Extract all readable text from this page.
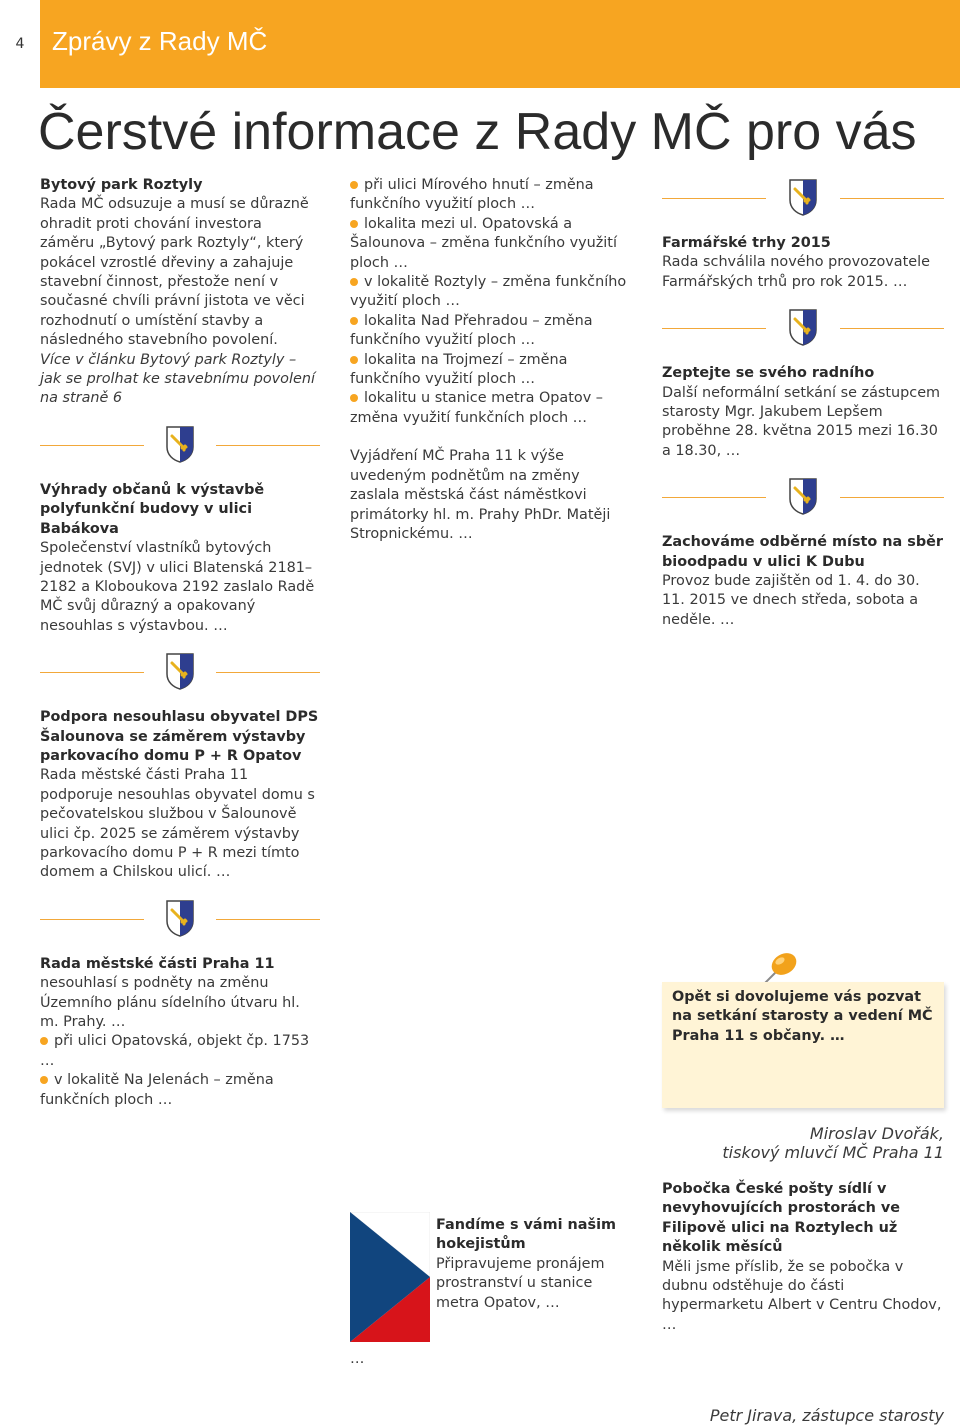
4	Zprávy z Rady MČ
Čerstvé informace z Rady MČ pro vás
Bytový park Roztyly

Rada MČ odsuzuje a musí se důrazně ohradit proti chování investora záměru „Bytový park Roztyly“, který pokácel vzrostlé dřeviny a zahajuje stavební činnost, přestože není v současné chvíli právní jistota ve věci rozhodnutí o umístění stavby a následného stavebního povolení.

Více v článku Bytový park Roztyly – jak se prolhat ke stavebnímu povolení na straně 6

Výhrady občanů k výstavbě polyfunkční budovy v ulici Babákova

Společenství vlastníků bytových jednotek (SVJ) v ulici Blatenská 2181–2182 a Kloboukova 2192 zaslalo Radě MČ svůj důrazný a opakovaný nesouhlas s výstavbou. …

Podpora nesouhlasu obyvatel DPS Šalounova se záměrem výstavby parkovacího domu P + R Opatov

Rada městské části Praha 11 podporuje nesouhlas obyvatel domu s pečovatelskou službou v Šalounově ulici čp. 2025 se záměrem výstavby parkovacího domu P + R mezi tímto domem a Chilskou ulicí. …

Rada městské části Praha 11

nesouhlasí s podněty na změnu Územního plánu sídelního útvaru hl. m. Prahy. …

při ulici Opatovská, objekt čp. 1753 …

v lokalitě Na Jelenách – změna funkčních ploch …

při ulici Mírového hnutí – změna funkčního využití ploch …

lokalita mezi ul. Opatovská a Šalounova – změna funkčního využití ploch …

v lokalitě Roztyly – změna funkčního využití ploch …

lokalita Nad Přehradou – změna funkčního využití ploch …

lokalita na Trojmezí – změna funkčního využití ploch …

lokalitu u stanice metra Opatov – změna využití funkčních ploch …

Vyjádření MČ Praha 11 k výše uvedeným podnětům na změny zaslala městská část náměstkovi primátorky hl. m. Prahy PhDr. Matěji Stropnickému. …

Fandíme s vámi našim hokejistům

Připravujeme pronájem prostranství u stanice metra Opatov, …

…

Farmářské trhy 2015

Rada schválila nového provozovatele Farmářských trhů pro rok 2015. …

Zeptejte se svého radního

Další neformální setkání se zástupcem starosty Mgr. Jakubem Lepšem proběhne 28. května 2015 mezi 16.30 a 18.30, …

Zachováme odběrné místo na sběr bioodpadu v ulici K Dubu

Provoz bude zajištěn od 1. 4. do 30. 11. 2015 ve dnech středa, sobota a neděle. …

Opět si dovolujeme vás pozvat na setkání starosty a vedení MČ Praha 11 s občany. …

Miroslav Dvořák,
tiskový mluvčí MČ Praha 11
Pobočka České pošty sídlí v nevyhovujících prostorách ve Filipově ulici na Roztylech už několik měsíců

Měli jsme příslib, že se pobočka v dubnu odstěhuje do části hypermarketu Albert v Centru Chodov, …

Petr Jirava, zástupce starosty
